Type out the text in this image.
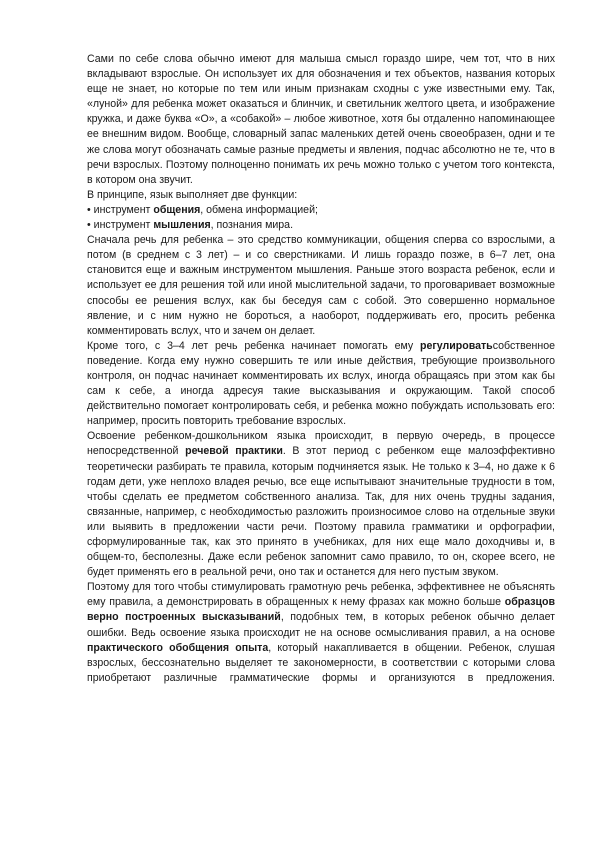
Сами по себе слова обычно имеют для малыша смысл гораздо шире, чем тот, что в них вкладывают взрослые. Он использует их для обозначения и тех объектов, названия которых еще не знает, но которые по тем или иным признакам сходны с уже известными ему. Так, «луной» для ребенка может оказаться и блинчик, и светильник желтого цвета, и изображение кружка, и даже буква «О», а «собакой» – любое животное, хотя бы отдаленно напоминающее ее внешним видом. Вообще, словарный запас маленьких детей очень своеобразен, одни и те же слова могут обозначать самые разные предметы и явления, подчас абсолютно не те, что в речи взрослых. Поэтому полноценно понимать их речь можно только с учетом того контекста, в котором она звучит.

В принципе, язык выполняет две функции:

• инструмент общения, обмена информацией;

• инструмент мышления, познания мира.

Сначала речь для ребенка – это средство коммуникации, общения сперва со взрослыми, а потом (в среднем с 3 лет) – и со сверстниками. И лишь гораздо позже, в 6–7 лет, она становится еще и важным инструментом мышления. Раньше этого возраста ребенок, если и использует ее для решения той или иной мыслительной задачи, то проговаривает возможные способы ее решения вслух, как бы беседуя сам с собой. Это совершенно нормальное явление, и с ним нужно не бороться, а наоборот, поддерживать его, просить ребенка комментировать вслух, что и зачем он делает.

Кроме того, с 3–4 лет речь ребенка начинает помогать ему регулироватьсобственное поведение. Когда ему нужно совершить те или иные действия, требующие произвольного контроля, он подчас начинает комментировать их вслух, иногда обращаясь при этом как бы сам к себе, а иногда адресуя такие высказывания и окружающим. Такой способ действительно помогает контролировать себя, и ребенка можно побуждать использовать его: например, просить повторить требование взрослых.

Освоение ребенком-дошкольником языка происходит, в первую очередь, в процессе непосредственной речевой практики. В этот период с ребенком еще малоэффективно теоретически разбирать те правила, которым подчиняется язык. Не только к 3–4, но даже к 6 годам дети, уже неплохо владея речью, все еще испытывают значительные трудности в том, чтобы сделать ее предметом собственного анализа. Так, для них очень трудны задания, связанные, например, с необходимостью разложить произносимое слово на отдельные звуки или выявить в предложении части речи. Поэтому правила грамматики и орфографии, сформулированные так, как это принято в учебниках, для них еще мало доходчивы и, в общем-то, бесполезны. Даже если ребенок запомнит само правило, то он, скорее всего, не будет применять его в реальной речи, оно так и останется для него пустым звуком.

Поэтому для того чтобы стимулировать грамотную речь ребенка, эффективнее не объяснять ему правила, а демонстрировать в обращенных к нему фразах как можно больше образцов верно построенных высказываний, подобных тем, в которых ребенок обычно делает ошибки. Ведь освоение языка происходит не на основе осмысливания правил, а на основе практического обобщения опыта, который накапливается в общении. Ребенок, слушая взрослых, бессознательно выделяет те закономерности, в соответствии с которыми слова приобретают различные грамматические формы и организуются в предложения.
